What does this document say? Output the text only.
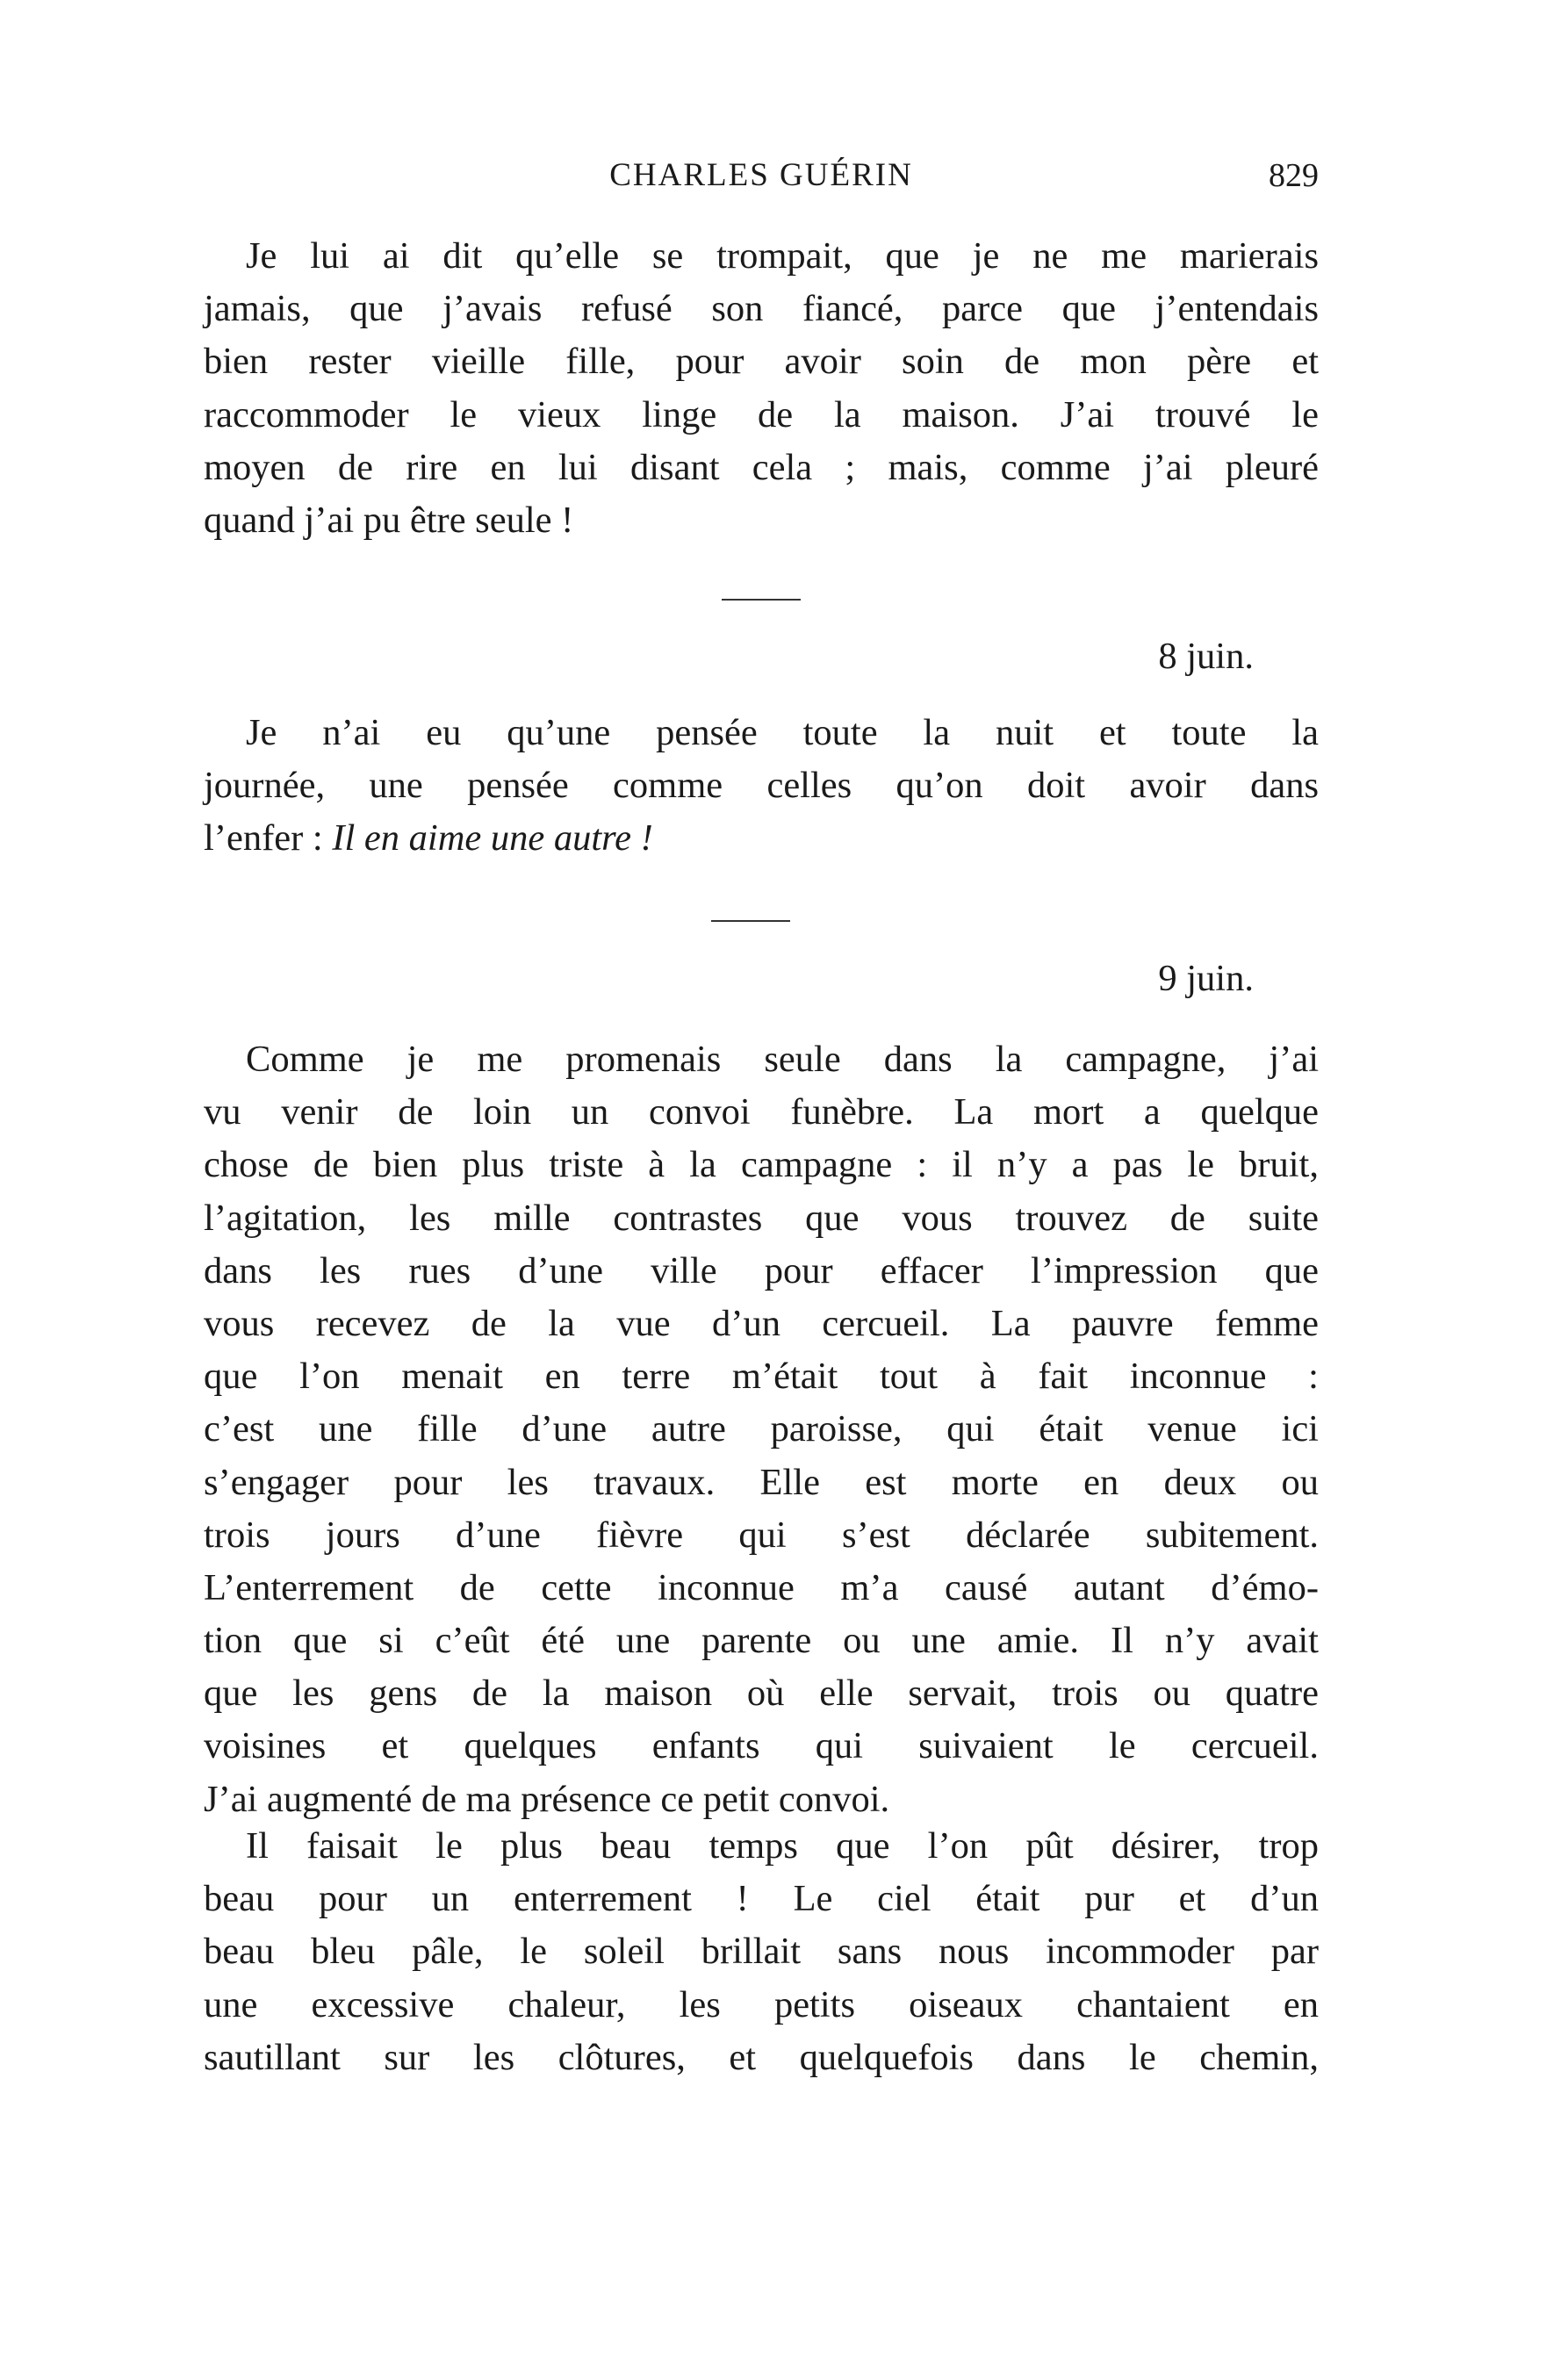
CHARLES GUÉRIN	829
Je lui ai dit qu’elle se trompait, que je ne me marierais
jamais, que j’avais refusé son fiancé, parce que j’entendais
bien rester vieille fille, pour avoir soin de mon père et
raccommoder le vieux linge de la maison. J’ai trouvé le
moyen de rire en lui disant cela ; mais, comme j’ai pleuré
quand j’ai pu être seule !
8 juin.
Je n’ai eu qu’une pensée toute la nuit et toute la
journée, une pensée comme celles qu’on doit avoir dans
l’enfer : Il en aime une autre !
9 juin.
Comme je me promenais seule dans la campagne, j’ai
vu venir de loin un convoi funèbre. La mort a quelque
chose de bien plus triste à la campagne : il n’y a pas le bruit,
l’agitation, les mille contrastes que vous trouvez de suite
dans les rues d’une ville pour effacer l’impression que
vous recevez de la vue d’un cercueil. La pauvre femme
que l’on menait en terre m’était tout à fait inconnue :
c’est une fille d’une autre paroisse, qui était venue ici
s’engager pour les travaux. Elle est morte en deux ou
trois jours d’une fièvre qui s’est déclarée subitement.
L’enterrement de cette inconnue m’a causé autant d’émo-
tion que si c’eût été une parente ou une amie. Il n’y avait
que les gens de la maison où elle servait, trois ou quatre
voisines et quelques enfants qui suivaient le cercueil.
J’ai augmenté de ma présence ce petit convoi.
Il faisait le plus beau temps que l’on pût désirer, trop
beau pour un enterrement ! Le ciel était pur et d’un
beau bleu pâle, le soleil brillait sans nous incommoder par
une excessive chaleur, les petits oiseaux chantaient en
sautillant sur les clôtures, et quelquefois dans le chemin,
